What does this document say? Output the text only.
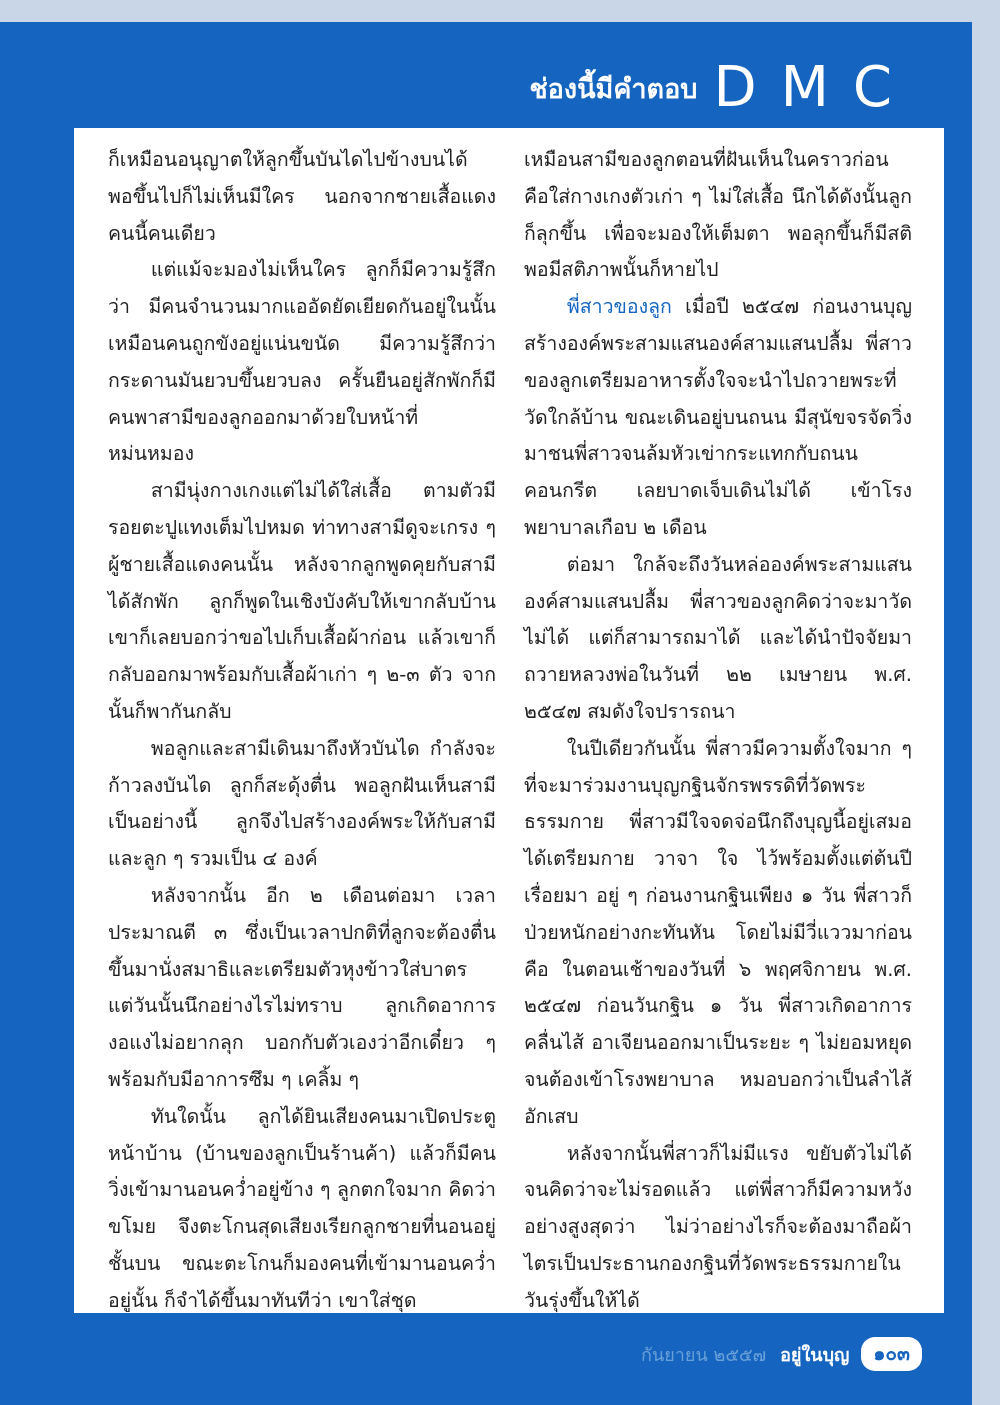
ช่องนี้มีคำตอบ DMC

ก็เหมือนอนุญาตให้ลูกขึ้นบันไดไปข้างบนได้ พอขึ้นไปก็ไม่เห็นมีใคร นอกจากชายเสื้อแดงคนนี้คนเดียว

แต่แม้จะมองไม่เห็นใคร ลูกก็มีความรู้สึกว่า มีคนจำนวนมากแออัดยัดเยียดกันอยู่ในนั้น เหมือนคนถูกขังอยู่แน่นขนัด มีความรู้สึกว่ากระดานมันยวบขึ้นยวบลง ครั้นยืนอยู่สักพักก็มีคนพาสามีของลูกออกมาด้วยใบหน้าที่หม่นหมอง

สามีนุ่งกางเกงแต่ไม่ได้ใส่เสื้อ ตามตัวมีรอยตะปูแทงเต็มไปหมด ท่าทางสามีดูจะเกรง ๆ ผู้ชายเสื้อแดงคนนั้น หลังจากลูกพูดคุยกับสามีได้สักพัก ลูกก็พูดในเชิงบังคับให้เขากลับบ้าน เขาก็เลยบอกว่าขอไปเก็บเสื้อผ้าก่อน แล้วเขาก็กลับออกมาพร้อมกับเสื้อผ้าเก่า ๆ ๒-๓ ตัว จากนั้นก็พากันกลับ

พอลูกและสามีเดินมาถึงหัวบันได กำลังจะก้าวลงบันได ลูกก็สะดุ้งตื่น พอลูกฝันเห็นสามีเป็นอย่างนี้ ลูกจึงไปสร้างองค์พระให้กับสามีและลูก ๆ รวมเป็น ๔ องค์

หลังจากนั้น อีก ๒ เดือนต่อมา เวลาประมาณตี ๓ ซึ่งเป็นเวลาปกติที่ลูกจะต้องตื่นขึ้นมานั่งสมาธิและเตรียมตัวหุงข้าวใส่บาตร แต่วันนั้นนึกอย่างไรไม่ทราบ ลูกเกิดอาการงอแงไม่อยากลุก บอกกับตัวเองว่าอีกเดี๋ยว ๆ พร้อมกับมีอาการซึม ๆ เคลิ้ม ๆ

ทันใดนั้น ลูกได้ยินเสียงคนมาเปิดประตูหน้าบ้าน (บ้านของลูกเป็นร้านค้า) แล้วก็มีคนวิ่งเข้ามานอนคว่ำอยู่ข้าง ๆ ลูกตกใจมาก คิดว่าขโมย จึงตะโกนสุดเสียงเรียกลูกชายที่นอนอยู่ชั้นบน ขณะตะโกนก็มองคนที่เข้ามานอนคว่ำอยู่นั้น ก็จำได้ขึ้นมาทันทีว่า เขาใส่ชุด

เหมือนสามีของลูกตอนที่ฝันเห็นในคราวก่อน คือใส่กางเกงตัวเก่า ๆ ไม่ใส่เสื้อ นึกได้ดังนั้นลูกก็ลุกขึ้น เพื่อจะมองให้เต็มตา พอลุกขึ้นก็มีสติ พอมีสติภาพนั้นก็หายไป

พี่สาวของลูก เมื่อปี ๒๕๔๗ ก่อนงานบุญสร้างองค์พระสามแสนองค์สามแสนปลื้ม พี่สาวของลูกเตรียมอาหารตั้งใจจะนำไปถวายพระที่วัดใกล้บ้าน ขณะเดินอยู่บนถนน มีสุนัขจรจัดวิ่งมาชนพี่สาวจนล้มหัวเข่ากระแทกกับถนนคอนกรีต เลยบาดเจ็บเดินไม่ได้ เข้าโรงพยาบาลเกือบ ๒ เดือน

ต่อมา ใกล้จะถึงวันหล่อองค์พระสามแสนองค์สามแสนปลื้ม พี่สาวของลูกคิดว่าจะมาวัดไม่ได้ แต่ก็สามารถมาได้ และได้นำปัจจัยมาถวายหลวงพ่อในวันที่ ๒๒ เมษายน พ.ศ. ๒๕๔๗ สมดังใจปรารถนา

ในปีเดียวกันนั้น พี่สาวมีความตั้งใจมาก ๆ ที่จะมาร่วมงานบุญกฐินจักรพรรดิที่วัดพระธรรมกาย พี่สาวมีใจจดจ่อนึกถึงบุญนี้อยู่เสมอ ได้เตรียมกาย วาจา ใจ ไว้พร้อมตั้งแต่ต้นปีเรื่อยมา อยู่ ๆ ก่อนงานกฐินเพียง ๑ วัน พี่สาวก็ป่วยหนักอย่างกะทันหัน โดยไม่มีวี่แววมาก่อน คือ ในตอนเช้าของวันที่ ๖ พฤศจิกายน พ.ศ. ๒๕๔๗ ก่อนวันกฐิน ๑ วัน พี่สาวเกิดอาการคลื่นไส้ อาเจียนออกมาเป็นระยะ ๆ ไม่ยอมหยุด จนต้องเข้าโรงพยาบาล หมอบอกว่าเป็นลำไส้อักเสบ

หลังจากนั้นพี่สาวก็ไม่มีแรง ขยับตัวไม่ได้ จนคิดว่าจะไม่รอดแล้ว แต่พี่สาวก็มีความหวังอย่างสูงสุดว่า ไม่ว่าอย่างไรก็จะต้องมาถือผ้าไตรเป็นประธานกองกฐินที่วัดพระธรรมกายในวันรุ่งขึ้นให้ได้

กันยายน ๒๕๕๗ อยู่ในบุญ	๑๐๓
